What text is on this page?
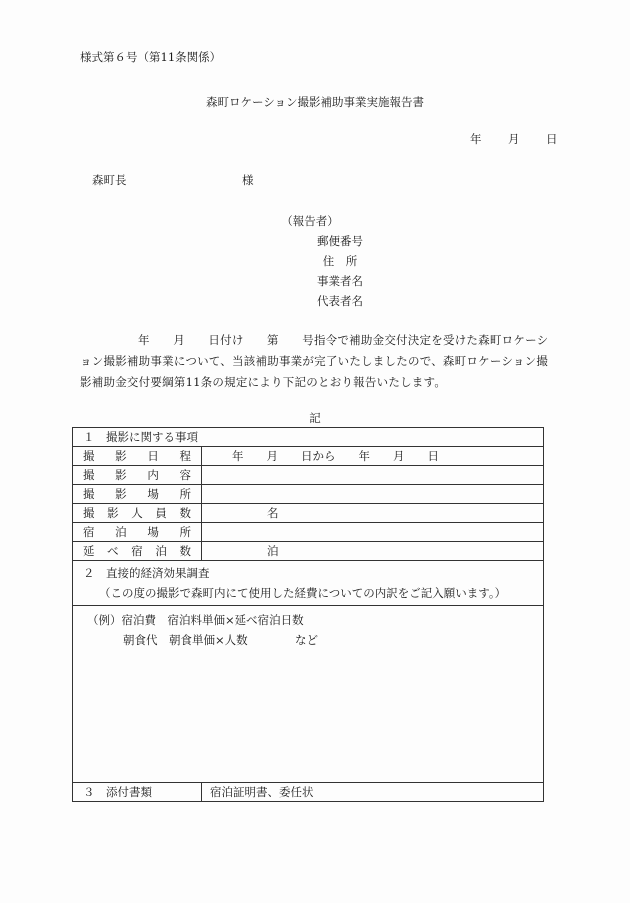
様式第６号（第11条関係）
森町ロケーション撮影補助事業実施報告書
年 月 日
森町長	様
（報告者）
郵便番号
住　所
事業者名
代表者名
年　　月　　日付け　　第　　号指令で補助金交付決定を受けた森町ロケーション撮影補助事業について、当該補助事業が完了いたしましたので、森町ロケーション撮影補助金交付要綱第11条の規定により下記のとおり報告いたします。
記
１　撮影に関する事項	
撮影日程	年　　月　　日から　　年　　月　　日
撮影内容	
撮影場所	
撮影人員数	名
宿泊場所	
延べ宿泊数	泊

２　直接的経済効果調査
（この度の撮影で森町内にて使用した経費についての内訳をご記入願います。）	

（例）宿泊費　宿泊料単価×延べ宿泊日数
朝食代　朝食単価×人数 など	

３　添付書類	宿泊証明書、委任状
